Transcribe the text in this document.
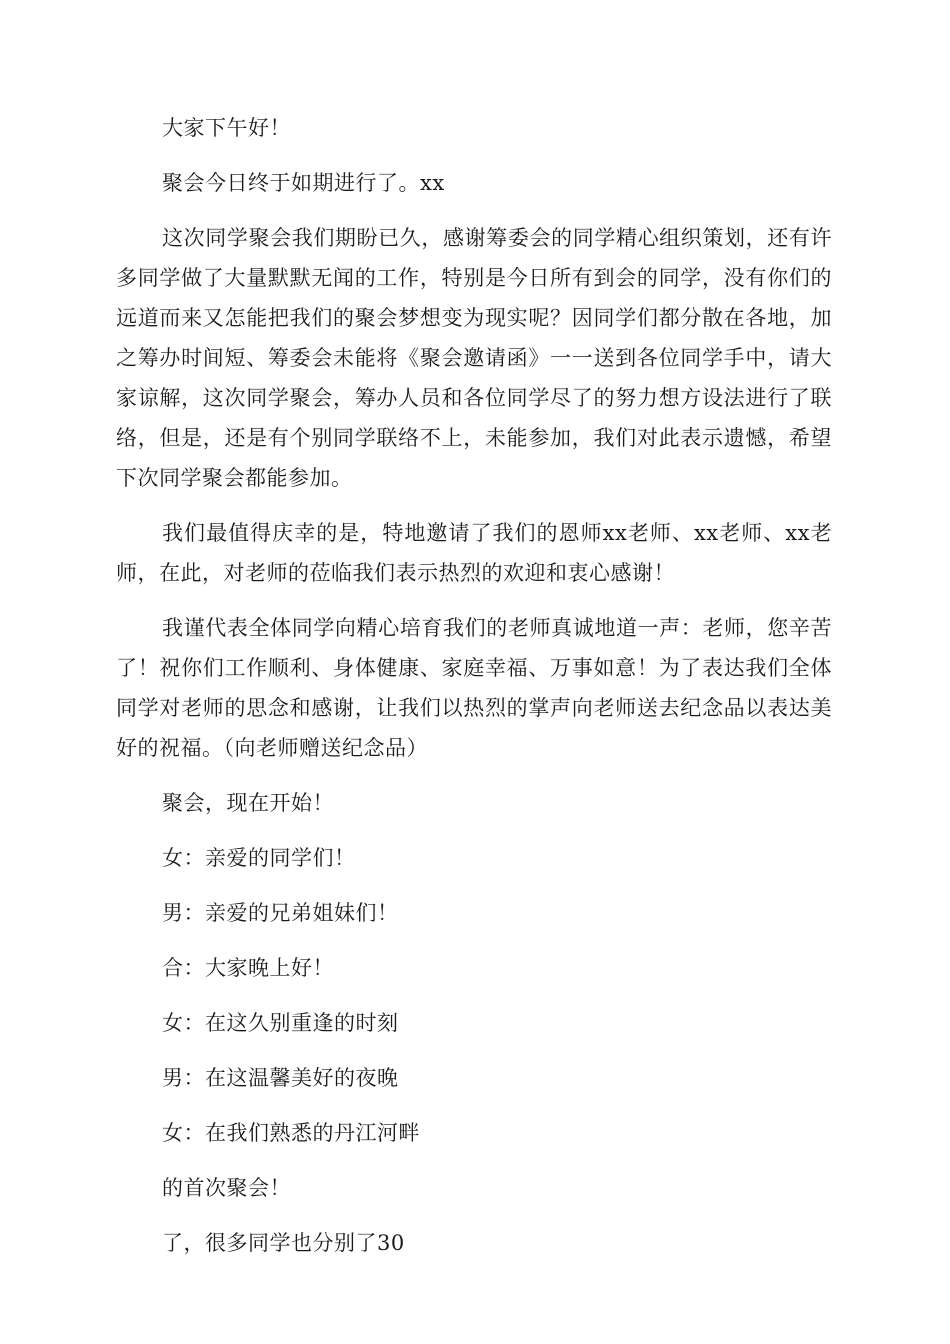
大家下午好！

聚会今日终于如期进行了。xx

这次同学聚会我们期盼已久，感谢筹委会的同学精心组织策划，还有许多同学做了大量默默无闻的工作，特别是今日所有到会的同学，没有你们的远道而来又怎能把我们的聚会梦想变为现实呢？因同学们都分散在各地，加之筹办时间短、筹委会未能将《聚会邀请函》一一送到各位同学手中，请大家谅解，这次同学聚会，筹办人员和各位同学尽了的努力想方设法进行了联络，但是，还是有个别同学联络不上，未能参加，我们对此表示遗憾，希望下次同学聚会都能参加。

我们最值得庆幸的是，特地邀请了我们的恩师xx老师、xx老师、xx老师，在此，对老师的莅临我们表示热烈的欢迎和衷心感谢！

我谨代表全体同学向精心培育我们的老师真诚地道一声：老师，您辛苦了！祝你们工作顺利、身体健康、家庭幸福、万事如意！为了表达我们全体同学对老师的思念和感谢，让我们以热烈的掌声向老师送去纪念品以表达美好的祝福。（向老师赠送纪念品）

聚会，现在开始！

女：亲爱的同学们！

男：亲爱的兄弟姐妹们！

合：大家晚上好！

女：在这久别重逢的时刻

男：在这温馨美好的夜晚

女：在我们熟悉的丹江河畔

的首次聚会！

了，很多同学也分别了30
